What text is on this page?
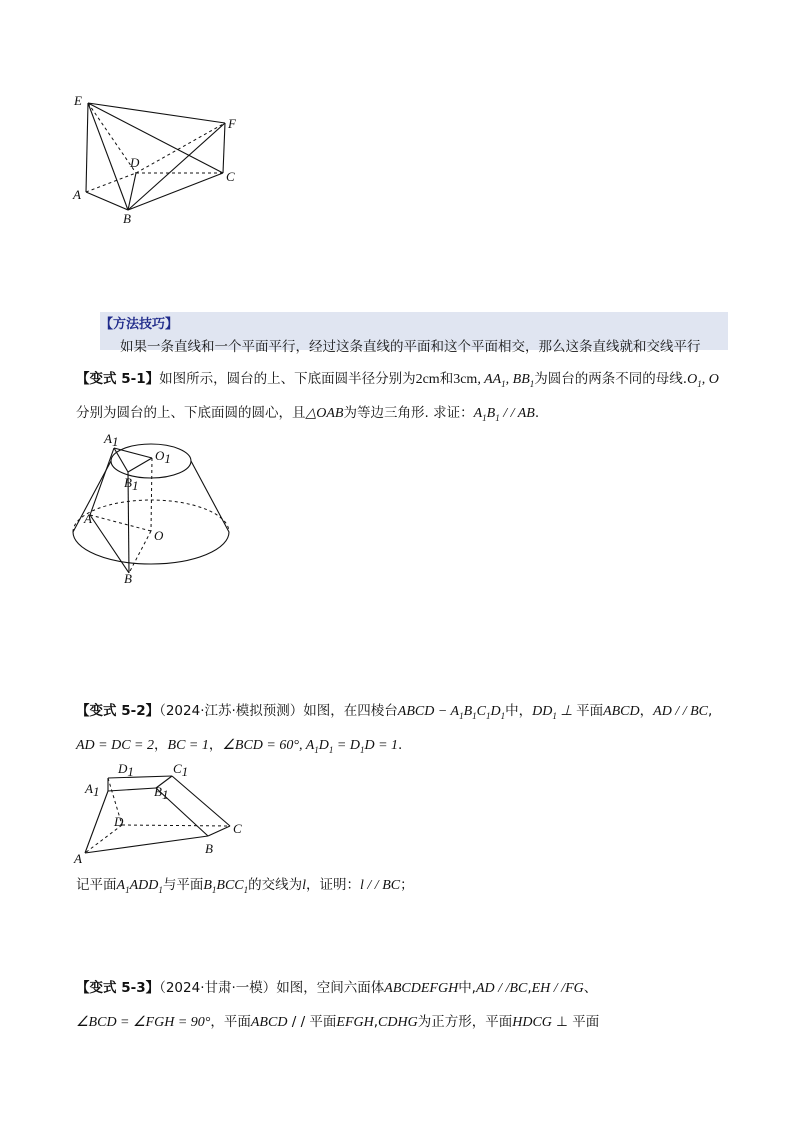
E
F
D
C
A
B
【方法技巧】
如果一条直线和一个平面平行，经过这条直线的平面和这个平面相交，那么这条直线就和交线平行
【变式 5-1】如图所示，圆台的上、下底面圆半径分别为2cm和3cm, $AA_1$, $BB_1$为圆台的两条不同的母线$.O_1$, O
分别为圆台的上、下底面圆的圆心，且△OAB为等边三角形. 求证：$A_1B_1$ / / AB.
A1
O1
B1
A
O
B
【变式 5-2】（2024·江苏·模拟预测）如图，在四棱台ABCD − $A_1B_1C_1D_1$中，$DD_1$ ⊥ 平面ABCD，AD / / BC,
AD = DC = 2，BC = 1，∠BCD = 60°, $A_1D_1 = D_1D = 1$.
D1	C1
A1	B1
D	C
A
B
记平面$A_1ADD_1$与平面$B_1BCC_1$的交线为l，证明：l / / BC；
【变式 5-3】（2024·甘肃·一模）如图，空间六面体ABCDEFGH中,AD / /BC,EH / /FG、
∠BCD = ∠FGH = 90°，平面ABCD / / 平面EFGH,CDHG为正方形，平面HDCG ⊥ 平面
